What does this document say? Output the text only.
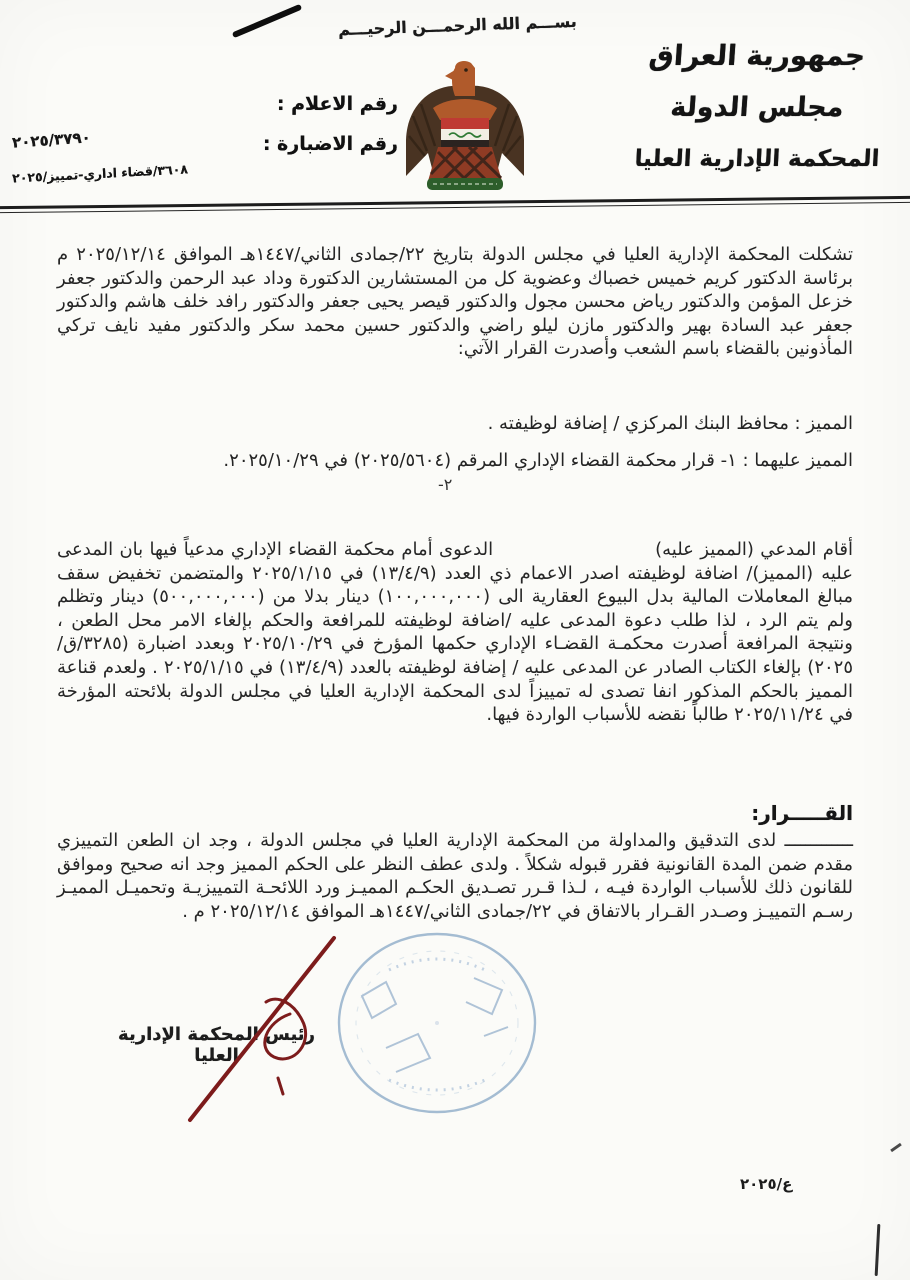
بســـم الله الرحمـــن الرحيـــم
جمهورية العراق
مجلس الدولة
المحكمة الإدارية العليا
رقم الاعلام :
رقم الاضبارة :
٢٠٢٥/٣٧٩٠
٣٦٠٨/قضاء اداري-تمييز/٢٠٢٥
تشكلت المحكمة الإدارية العليا في مجلس الدولة بتاريخ ٢٢/جمادى الثاني/١٤٤٧هـ الموافق ٢٠٢٥/١٢/١٤ م برئاسة الدكتور كريم خميس خصباك وعضوية كل من المستشارين الدكتورة وداد عبد الرحمن والدكتور جعفر خزعل المؤمن والدكتور رياض محسن مجول والدكتور قيصر يحيى جعفر والدكتور رافد خلف هاشم والدكتور جعفر عبد السادة بهير والدكتور مازن ليلو راضي والدكتور حسين محمد سكر والدكتور مفيد نايف تركي المأذونين بالقضاء باسم الشعب وأصدرت القرار الآتي:
المميز : محافظ البنك المركزي / إضافة لوظيفته .
المميز عليهما : ١- قرار محكمة القضاء الإداري المرقم (٢٠٢٥/٥٦٠٤) في ٢٠٢٥/١٠/٢٩.
٢-
أقام المدعي (المميز عليه)الدعوى أمام محكمة القضاء الإداري مدعياً فيها بان المدعى عليه (المميز)/ اضافة لوظيفته اصدر الاعمام ذي العدد (١٣/٤/٩) في ٢٠٢٥/١/١٥ والمتضمن تخفيض سقف مبالغ المعاملات المالية بدل البيوع العقارية الى (١٠٠,٠٠٠,٠٠٠) دينار بدلا من (٥٠٠,٠٠٠,٠٠٠) دينار وتظلم ولم يتم الرد ، لذا طلب دعوة المدعى عليه /اضافة لوظيفته للمرافعة والحكم بإلغاء الامر محل الطعن ، ونتيجة المرافعة أصدرت محكمـة القضـاء الإداري حكمها المؤرخ في ٢٠٢٥/١٠/٢٩ وبعدد اضبارة (٣٢٨٥/ق/٢٠٢٥) بإلغاء الكتاب الصادر عن المدعى عليه / إضافة لوظيفته بالعدد (١٣/٤/٩) في ٢٠٢٥/١/١٥ . ولعدم قناعة المميز بالحكم المذكور انفا تصدى له تمييزاً لدى المحكمة الإدارية العليا في مجلس الدولة بلائحته المؤرخة في ٢٠٢٥/١١/٢٤ طالباً نقضه للأسباب الواردة فيها.
القـــــرار:
ـــــــــــــ لدى التدقيق والمداولة من المحكمة الإدارية العليا في مجلس الدولة ، وجد ان الطعن التمييزي مقدم ضمن المدة القانونية فقرر قبوله شكلاً . ولدى عطف النظر على الحكم المميز وجد انه صحيح وموافق للقانون ذلك للأسباب الواردة فيـه ، لـذا قـرر تصـديق الحكـم المميـز ورد اللائحـة التمييزيـة وتحميـل المميـز رسـم التمييـز وصـدر القـرار بالاتفاق في ٢٢/جمادى الثاني/١٤٤٧هـ الموافق ٢٠٢٥/١٢/١٤ م .
رئيس المحكمة الإدارية العليا
ع/٢٠٢٥
